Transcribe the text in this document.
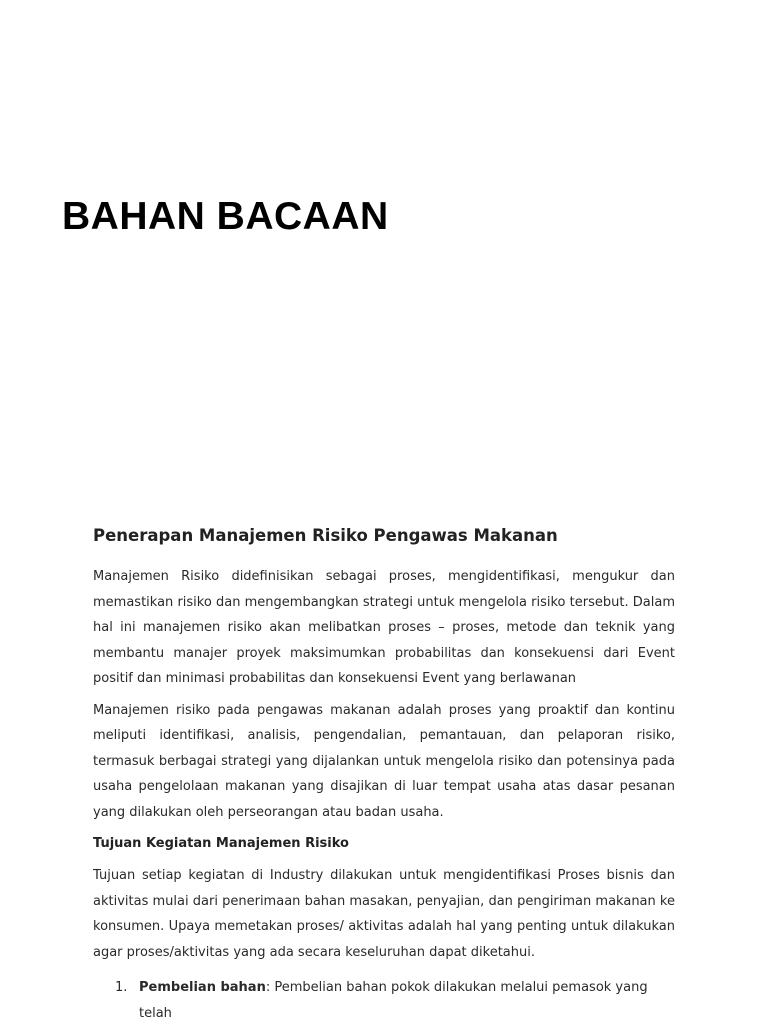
BAHAN BACAAN
Penerapan Manajemen Risiko Pengawas Makanan

Manajemen Risiko didefinisikan sebagai proses, mengidentifikasi, mengukur dan memastikan risiko dan mengembangkan strategi untuk mengelola risiko tersebut. Dalam hal ini manajemen risiko akan melibatkan proses – proses, metode dan teknik yang membantu manajer proyek maksimumkan probabilitas dan konsekuensi dari Event positif dan minimasi probabilitas dan konsekuensi Event yang berlawanan

Manajemen risiko pada pengawas makanan adalah proses yang proaktif dan kontinu meliputi identifikasi, analisis, pengendalian, pemantauan, dan pelaporan risiko, termasuk berbagai strategi yang dijalankan untuk mengelola risiko dan potensinya pada usaha pengelolaan makanan yang disajikan di luar tempat usaha atas dasar pesanan yang dilakukan oleh perseorangan atau badan usaha.

Tujuan Kegiatan Manajemen Risiko

Tujuan setiap kegiatan di Industry dilakukan untuk mengidentifikasi Proses bisnis dan aktivitas mulai dari penerimaan bahan masakan, penyajian, dan pengiriman makanan ke konsumen. Upaya memetakan proses/ aktivitas adalah hal yang penting untuk dilakukan agar proses/aktivitas yang ada secara keseluruhan dapat diketahui.

1. Pembelian bahan: Pembelian bahan pokok dilakukan melalui pemasok yang telah
